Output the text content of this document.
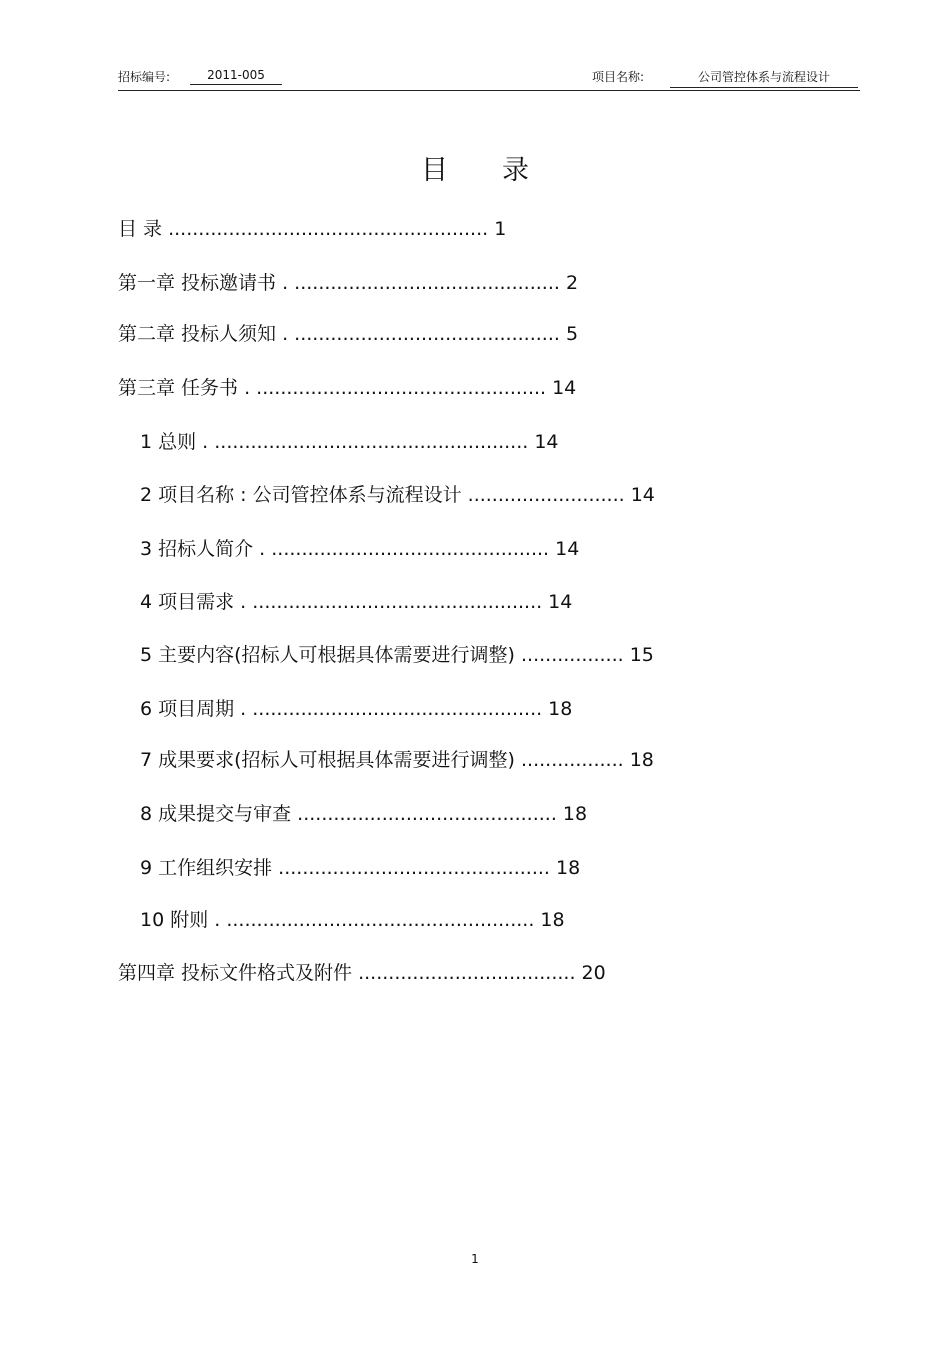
招标编号:	2011-005	项目名称:	公司管控体系与流程设计
目录
目 录 ..................................................... 1
第一章 投标邀请书 . ............................................ 2
第二章 投标人须知 . ............................................ 5
第三章 任务书 . ................................................ 14
1 总则 . .................................................... 14
2 项目名称 : 公司管控体系与流程设计 .......................... 14
3 招标人简介 . .............................................. 14
4 项目需求 . ................................................ 14
5 主要内容(招标人可根据具体需要进行调整) ................. 15
6 项目周期 . ................................................ 18
7 成果要求(招标人可根据具体需要进行调整) ................. 18
8 成果提交与审查 ........................................... 18
9 工作组织安排 ............................................. 18
10 附则 . ................................................... 18
第四章 投标文件格式及附件 .................................... 20
1
